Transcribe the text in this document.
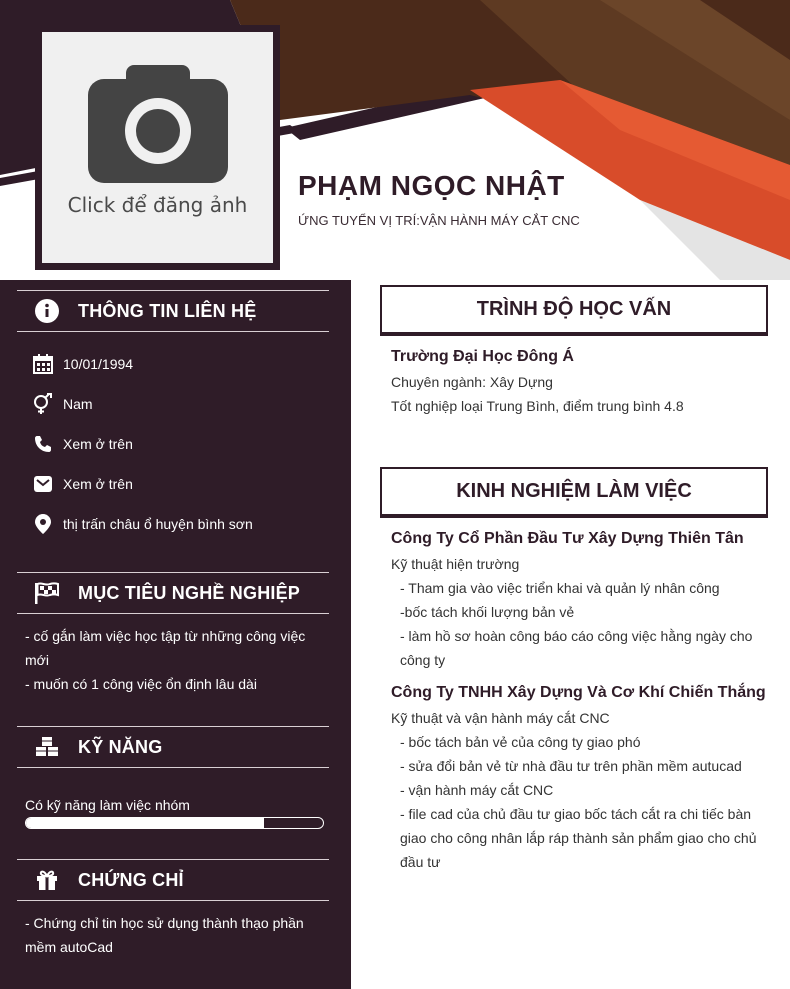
Click để đăng ảnh
PHẠM NGỌC NHẬT
ỨNG TUYỂN VỊ TRÍ:VẬN HÀNH MÁY CẮT CNC
THÔNG TIN LIÊN HỆ
10/01/1994
Nam
Xem ở trên
Xem ở trên
thị trấn châu ổ huyện bình sơn
MỤC TIÊU NGHỀ NGHIỆP
- cố gắn làm việc học tập từ những công việc mới
- muốn có 1 công việc ổn định lâu dài
KỸ NĂNG
Có kỹ năng làm việc nhóm
CHỨNG CHỈ
- Chứng chỉ tin học sử dụng thành thạo phần mềm autoCad
TRÌNH ĐỘ HỌC VẤN
Trường Đại Học Đông Á
Chuyên ngành: Xây Dựng
Tốt nghiệp loại Trung Bình, điểm trung bình 4.8
KINH NGHIỆM LÀM VIỆC
Công Ty Cổ Phần Đầu Tư Xây Dựng Thiên Tân
Kỹ thuật hiện trường
- Tham gia vào việc triển khai và quản lý nhân công
-bốc tách khối lượng bản vẻ
- làm hồ sơ hoàn công báo cáo công việc hằng ngày cho công ty
Công Ty TNHH Xây Dựng Và Cơ Khí Chiến Thắng
Kỹ thuật và vận hành máy cắt CNC
- bốc tách bản vẻ của công ty giao phó
- sửa đổi bản vẻ từ nhà đầu tư trên phần mềm autucad
- vận hành máy cắt CNC
- file cad của chủ đầu tư giao bốc tách cắt ra chi tiếc bàn giao cho công nhân lắp ráp thành sản phẩm giao cho chủ đầu tư
